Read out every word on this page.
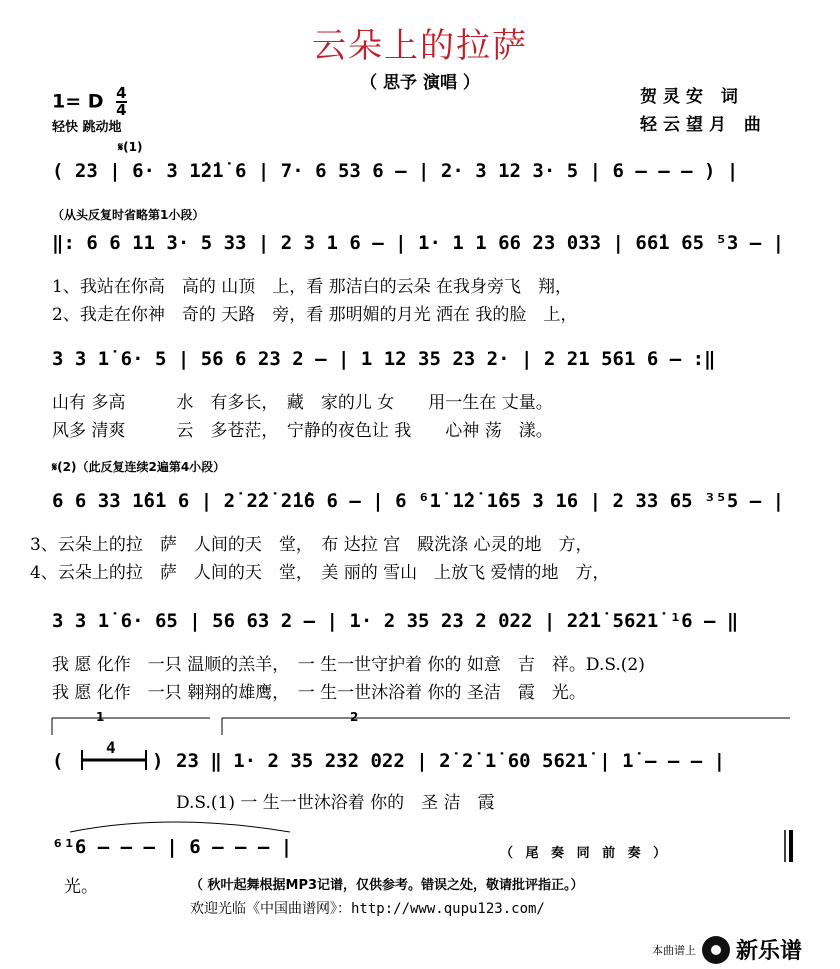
云朵上的拉萨
（ 思予 演唱 ）
1= D $\frac{4}{4}$
轻快 跳动地
贺灵安 词
轻云望月 曲
𝄋(1)
( 23 | 6· 3 1̇2̇1̇ 6 | 7· 6 53 6 – | 2· 3 12 3· 5 | 6 – – – ) |
（从头反复时省略第1小段）
‖: 6 6 11 3· 5 33 | 2 3 1 6 – | 1· 1 1 66 23 033 | 66̇1 65 ⁵3 – |
1、我站在你高　高的 山顶　上，看 那洁白的云朵 在我身旁飞　翔，
2、我走在你神　奇的 天路　旁，看 那明媚的月光 洒在 我的脸　上，
3 3 1̇ 6· 5 | 56 6 23 2 – | 1 12 35 23 2· | 2 21 561 6 – :‖
山有 多高　　　水　有多长，　藏　家的儿 女　　用一生在 丈量。
风多 清爽　　　云　多苍茫，　宁静的夜色让 我　　心神 荡　漾。
𝄋(2)（此反复连续2遍第4小段）
6 6 33 1̇6̇1 6 | 2̇ 2̇2̇ 2̇1̇6 6 – | 6 ⁶1̇ 1̇2̇ 1̇65 3 16 | 2 33 65 ³⁵5 – |
3、云朵上的拉　萨　人间的天　堂，　布 达拉 宫　殿洗涤 心灵的地　方，
4、云朵上的拉　萨　人间的天　堂，　美 丽的 雪山　上放飞 爱情的地　方，
3 3 1̇ 6· 65 | 56 63 2 – | 1· 2 35 23 2 022 | 2̇2̇1̇ 5621̇ ¹6 – ‖
我 愿 化作　一只 温顺的羔羊，　一 生一世守护着 你的 如意　吉　祥。D.S.(2)
我 愿 化作　一只 翱翔的雄鹰，　一 生一世沐浴着 你的 圣洁　霞　光。
1	2
(
4
) 23 ‖ 1· 2 35 232 022 | 2̇ 2̇ 1̇ 60 5621̇ | 1̇ – – – |
D.S.(1) 一 生一世沐浴着 你的　圣 洁　霞
⁶¹6 – – – | 6 – – – |	（ 尾 奏 同 前 奏 ）
光。	（ 秋叶起舞根据MP3记谱，仅供参考。错误之处，敬请批评指正。）
欢迎光临《中国曲谱网》：http://www.qupu123.com/
本曲谱上 新乐谱
